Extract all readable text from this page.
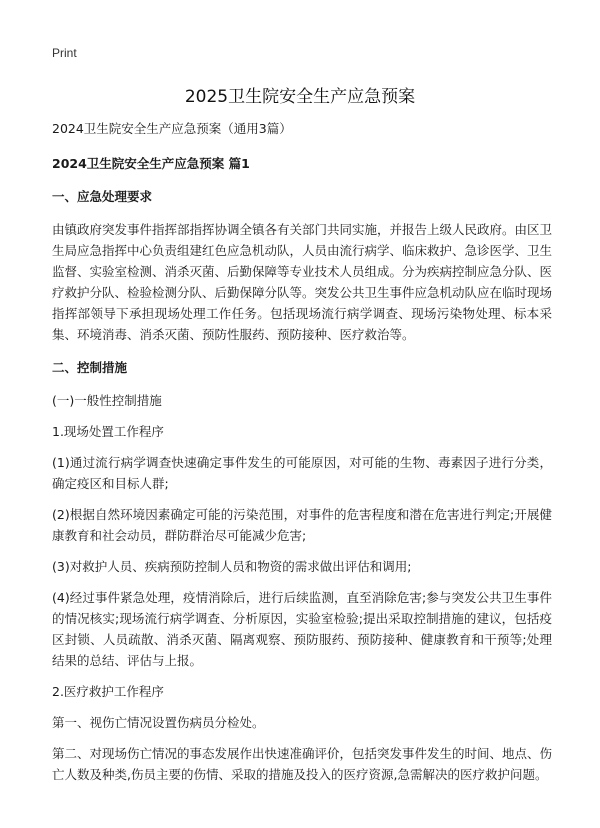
Print
2025卫生院安全生产应急预案

2024卫生院安全生产应急预案（通用3篇）

2024卫生院安全生产应急预案 篇1

一、应急处理要求

由镇政府突发事件指挥部指挥协调全镇各有关部门共同实施，并报告上级人民政府。由区卫生局应急指挥中心负责组建红色应急机动队，人员由流行病学、临床救护、急诊医学、卫生监督、实验室检测、消杀灭菌、后勤保障等专业技术人员组成。分为疾病控制应急分队、医疗救护分队、检验检测分队、后勤保障分队等。突发公共卫生事件应急机动队应在临时现场指挥部领导下承担现场处理工作任务。包括现场流行病学调查、现场污染物处理、标本采集、环境消毒、消杀灭菌、预防性服药、预防接种、医疗救治等。

二、控制措施

(一)一般性控制措施

1.现场处置工作程序

(1)通过流行病学调查快速确定事件发生的可能原因，对可能的生物、毒素因子进行分类，确定疫区和目标人群;

(2)根据自然环境因素确定可能的污染范围，对事件的危害程度和潜在危害进行判定;开展健康教育和社会动员，群防群治尽可能减少危害;

(3)对救护人员、疾病预防控制人员和物资的需求做出评估和调用;

(4)经过事件紧急处理，疫情消除后，进行后续监测，直至消除危害;参与突发公共卫生事件的情况核实;现场流行病学调查、分析原因，实验室检验;提出采取控制措施的建议，包括疫区封锁、人员疏散、消杀灭菌、隔离观察、预防服药、预防接种、健康教育和干预等;处理结果的总结、评估与上报。

2.医疗救护工作程序

第一、视伤亡情况设置伤病员分检处。

第二、对现场伤亡情况的事态发展作出快速准确评价，包括突发事件发生的时间、地点、伤亡人数及种类,伤员主要的伤情、采取的措施及投入的医疗资源,急需解决的医疗救护问题。
